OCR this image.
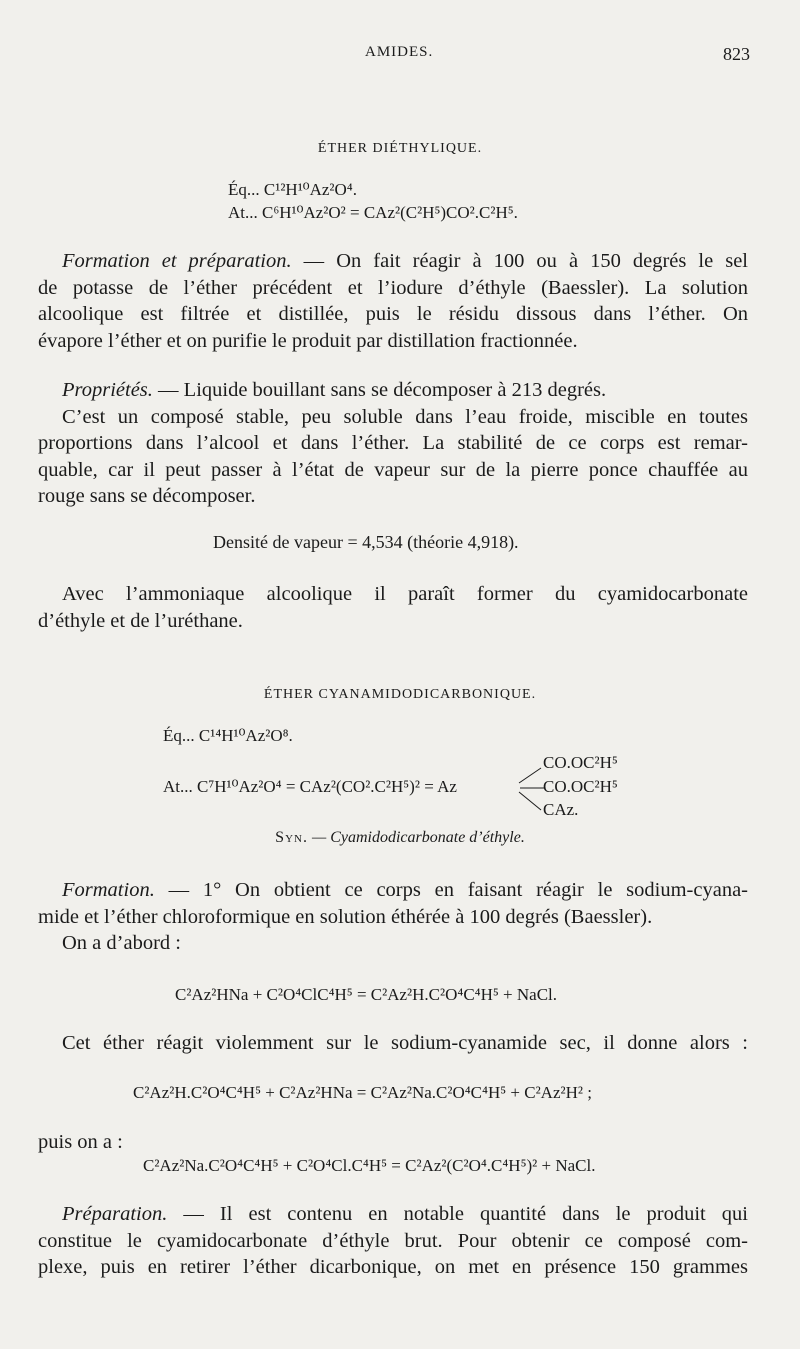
AMIDES.	823
ÉTHER DIÉTHYLIQUE.
Éq... C¹²H¹⁰Az²O⁴.
At... C⁶H¹⁰Az²O² = CAz²(C²H⁵)CO².C²H⁵.
Formation et préparation. — On fait réagir à 100 ou à 150 degrés le sel
de potasse de l’éther précédent et l’iodure d’éthyle (Baessler). La solution
alcoolique est filtrée et distillée, puis le résidu dissous dans l’éther. On
évapore l’éther et on purifie le produit par distillation fractionnée.
Propriétés. — Liquide bouillant sans se décomposer à 213 degrés.
C’est un composé stable, peu soluble dans l’eau froide, miscible en toutes
proportions dans l’alcool et dans l’éther. La stabilité de ce corps est remar-
quable, car il peut passer à l’état de vapeur sur de la pierre ponce chauffée au
rouge sans se décomposer.
Densité de vapeur = 4,534 (théorie 4,918).
Avec l’ammoniaque alcoolique il paraît former du cyamidocarbonate
d’éthyle et de l’uréthane.
ÉTHER CYANAMIDODICARBONIQUE.
Éq... C¹⁴H¹⁰Az²O⁸.
At... C⁷H¹⁰Az²O⁴ = CAz²(CO².C²H⁵)² = Az
CO.OC²H⁵
CO.OC²H⁵
CAz.
Syn. — Cyamidodicarbonate d’éthyle.
Formation. — 1° On obtient ce corps en faisant réagir le sodium-cyana-
mide et l’éther chloroformique en solution éthérée à 100 degrés (Baessler).
On a d’abord :
C²Az²HNa + C²O⁴ClC⁴H⁵ = C²Az²H.C²O⁴C⁴H⁵ + NaCl.
Cet éther réagit violemment sur le sodium-cyanamide sec, il donne alors :
C²Az²H.C²O⁴C⁴H⁵ + C²Az²HNa = C²Az²Na.C²O⁴C⁴H⁵ + C²Az²H² ;
puis on a :
C²Az²Na.C²O⁴C⁴H⁵ + C²O⁴Cl.C⁴H⁵ = C²Az²(C²O⁴.C⁴H⁵)² + NaCl.
Préparation. — Il est contenu en notable quantité dans le produit qui
constitue le cyamidocarbonate d’éthyle brut. Pour obtenir ce composé com-
plexe, puis en retirer l’éther dicarbonique, on met en présence 150 grammes
